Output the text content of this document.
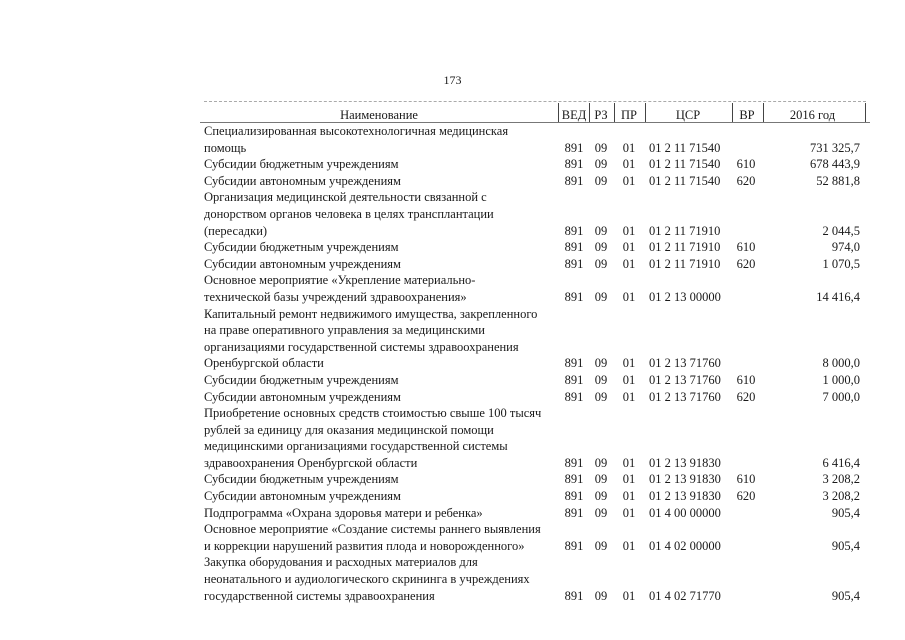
173
Наименование	ВЕД РЗ	ПР	ЦСР	ВР	2016 год
Специализированная высокотехнологичная медицинская
помощь	891 09	01	01 2 11 71540	731 325,7
Субсидии бюджетным учреждениям	891 09	01	01 2 11 71540	610	678 443,9
Субсидии автономным учреждениям	891 09	01	01 2 11 71540	620	52 881,8
Организация медицинской деятельности связанной с
донорством органов человека в целях трансплантации
(пересадки)	891 09	01	01 2 11 71910	2 044,5
Субсидии бюджетным учреждениям	891 09	01	01 2 11 71910	610	974,0
Субсидии автономным учреждениям	891 09	01	01 2 11 71910	620	1 070,5
Основное мероприятие «Укрепление материально-
технической базы учреждений здравоохранения»	891 09	01	01 2 13 00000	14 416,4
Капитальный ремонт недвижимого имущества, закрепленного
на праве оперативного управления за медицинскими
организациями государственной системы здравоохранения
Оренбургской области	891 09	01	01 2 13 71760	8 000,0
Субсидии бюджетным учреждениям	891 09	01	01 2 13 71760	610	1 000,0
Субсидии автономным учреждениям	891 09	01	01 2 13 71760	620	7 000,0
Приобретение основных средств стоимостью свыше 100 тысяч
рублей за единицу для оказания медицинской помощи
медицинскими организациями государственной системы
здравоохранения Оренбургской области	891 09	01	01 2 13 91830	6 416,4
Субсидии бюджетным учреждениям	891 09	01	01 2 13 91830	610	3 208,2
Субсидии автономным учреждениям	891 09	01	01 2 13 91830	620	3 208,2
Подпрограмма «Охрана здоровья матери и ребенка»	891 09	01	01 4 00 00000	905,4
Основное мероприятие «Создание системы раннего выявления
и коррекции нарушений развития плода и новорожденного»	891 09	01	01 4 02 00000	905,4
Закупка оборудования и расходных материалов для
неонатального и аудиологического скрининга в учреждениях
государственной системы здравоохранения	891 09	01	01 4 02 71770	905,4
